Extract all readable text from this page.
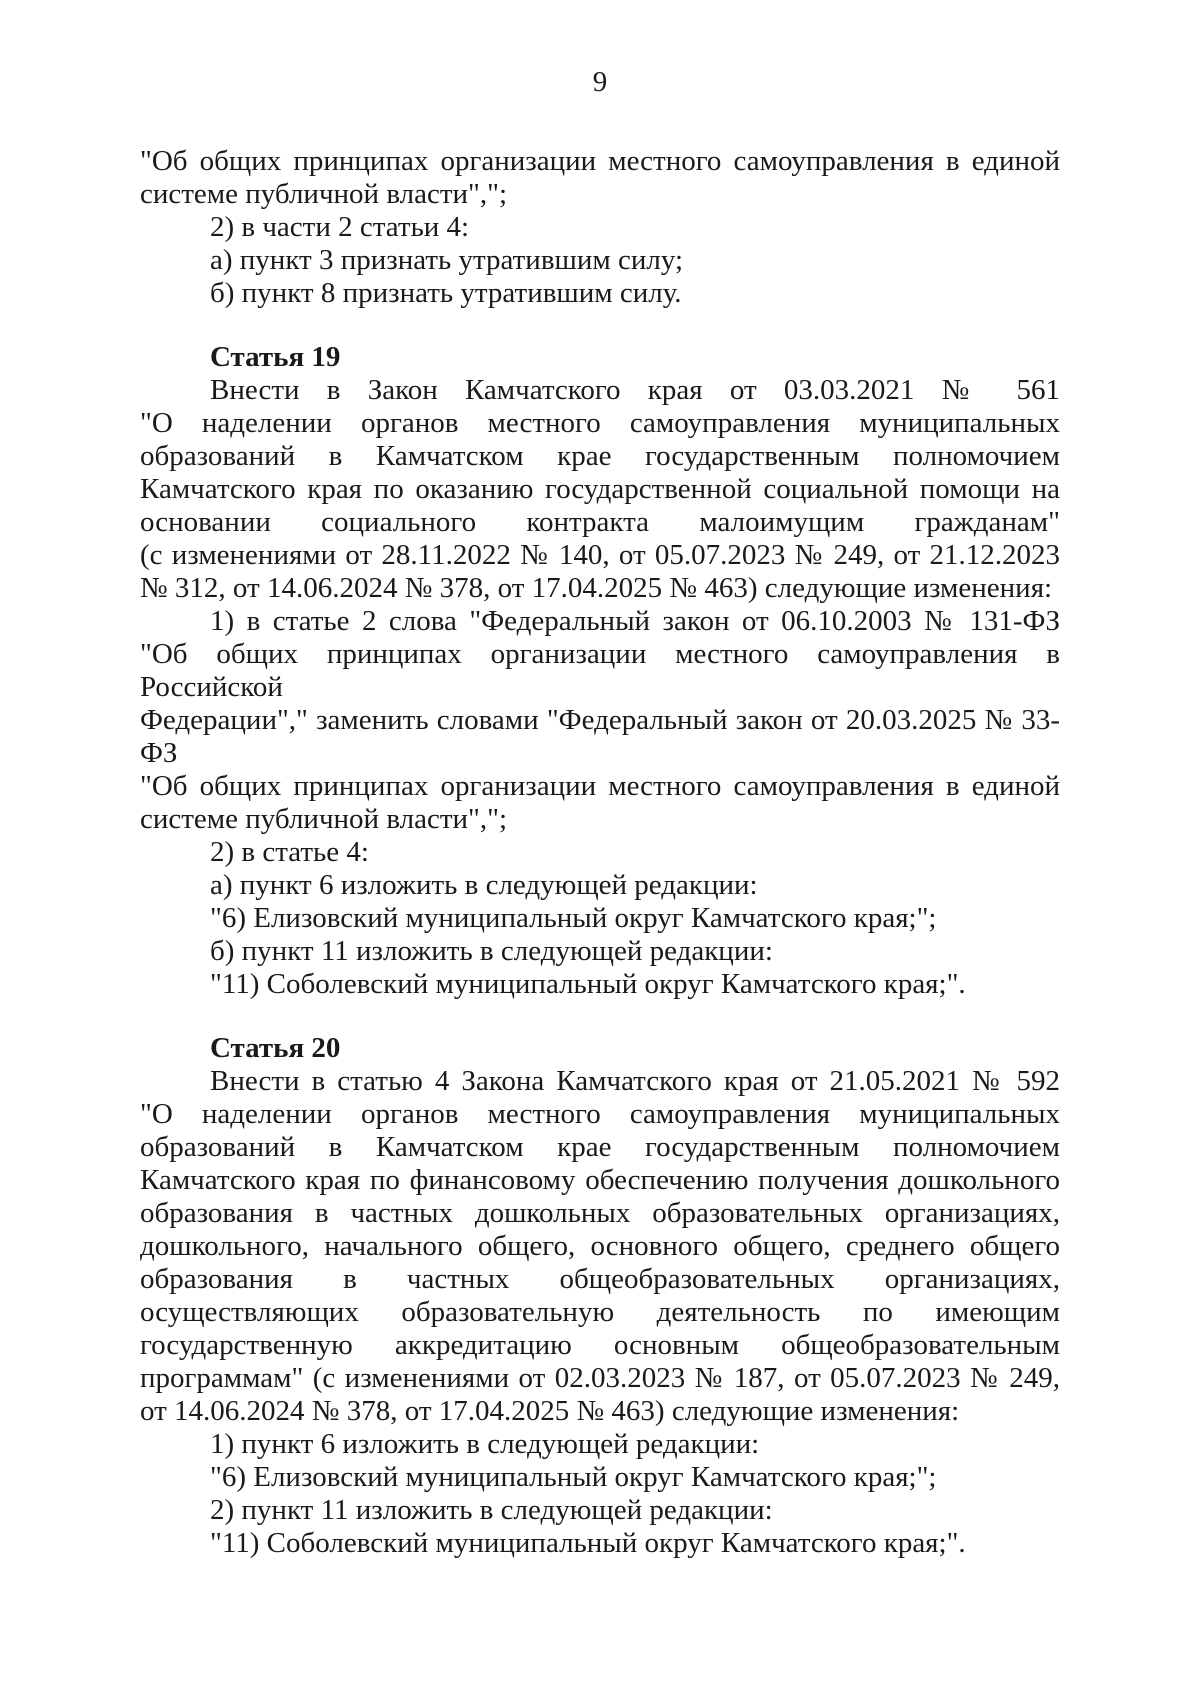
9

"Об общих принципах организации местного самоуправления в единой

системе публичной власти",";

2) в части 2 статьи 4:

а) пункт 3 признать утратившим силу;

б) пункт 8 признать утратившим силу.

Статья 19

Внести в Закон Камчатского края от 03.03.2021 № 561

"О наделении органов местного самоуправления муниципальных

образований в Камчатском крае государственным полномочием

Камчатского края по оказанию государственной социальной помощи на

основании социального контракта малоимущим гражданам"

(с изменениями от 28.11.2022 № 140, от 05.07.2023 № 249, от 21.12.2023

№ 312, от 14.06.2024 № 378, от 17.04.2025 № 463) следующие изменения:

1) в статье 2 слова "Федеральный закон от 06.10.2003 № 131-ФЗ

"Об общих принципах организации местного самоуправления в Российской

Федерации"," заменить словами "Федеральный закон от 20.03.2025 № 33-ФЗ

"Об общих принципах организации местного самоуправления в единой

системе публичной власти",";

2) в статье 4:

а) пункт 6 изложить в следующей редакции:

"6) Елизовский муниципальный округ Камчатского края;";

б) пункт 11 изложить в следующей редакции:

"11) Соболевский муниципальный округ Камчатского края;".

Статья 20

Внести в статью 4 Закона Камчатского края от 21.05.2021 № 592

"О наделении органов местного самоуправления муниципальных

образований в Камчатском крае государственным полномочием

Камчатского края по финансовому обеспечению получения дошкольного

образования в частных дошкольных образовательных организациях,

дошкольного, начального общего, основного общего, среднего общего

образования в частных общеобразовательных организациях,

осуществляющих образовательную деятельность по имеющим

государственную аккредитацию основным общеобразовательным

программам" (с изменениями от 02.03.2023 № 187, от 05.07.2023 № 249,

от 14.06.2024 № 378, от 17.04.2025 № 463) следующие изменения:

1) пункт 6 изложить в следующей редакции:

"6) Елизовский муниципальный округ Камчатского края;";

2) пункт 11 изложить в следующей редакции:

"11) Соболевский муниципальный округ Камчатского края;".
